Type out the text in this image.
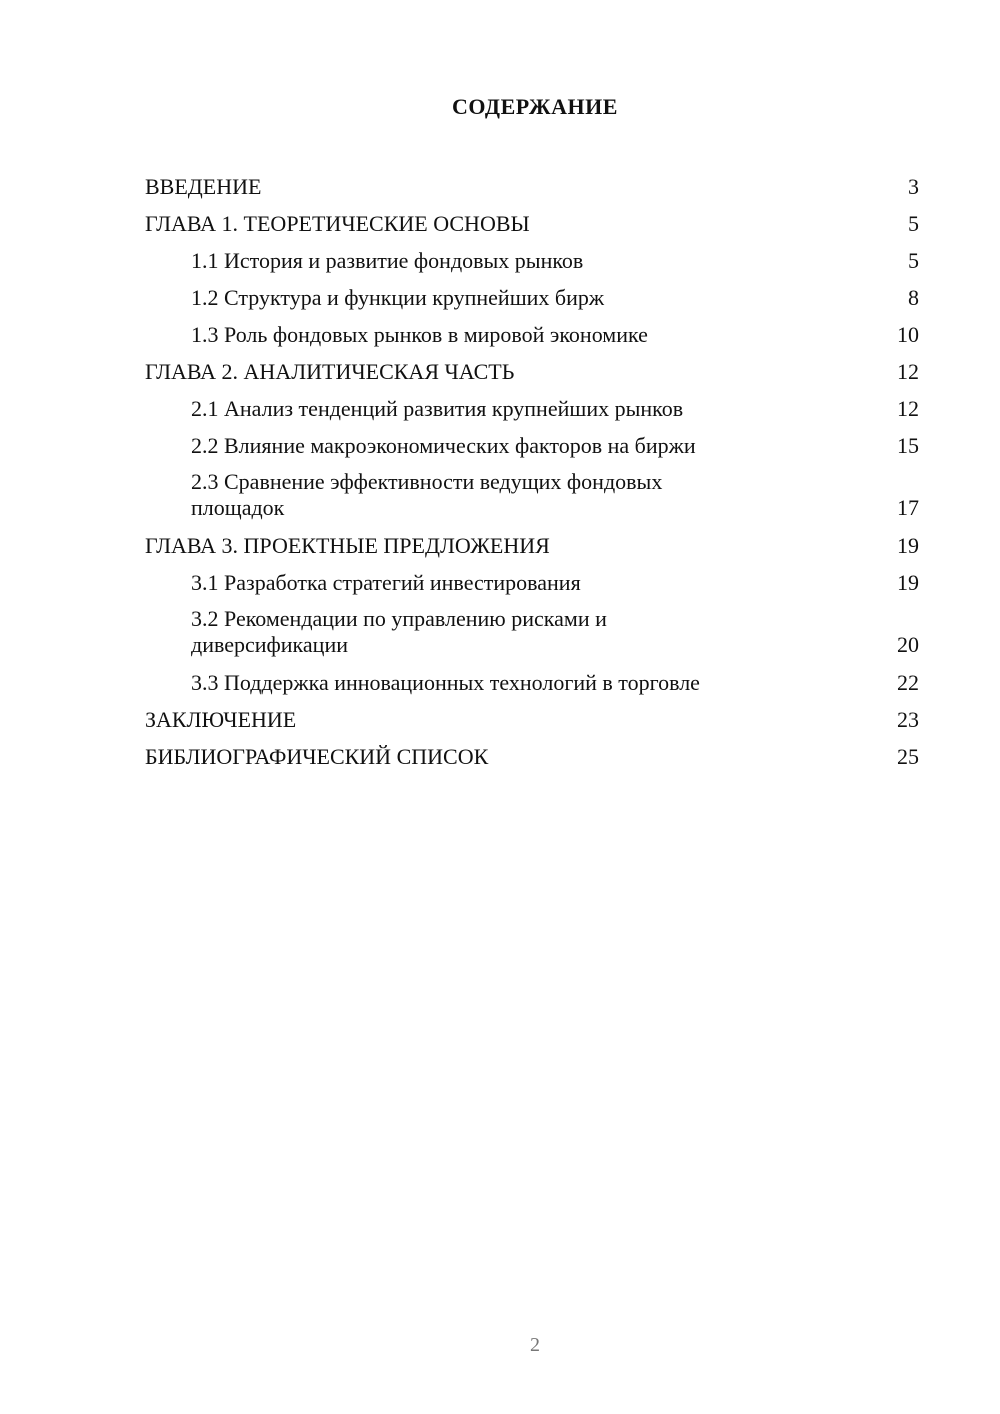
СОДЕРЖАНИЕ
ВВЕДЕНИЕ	3
ГЛАВА 1. ТЕОРЕТИЧЕСКИЕ ОСНОВЫ	5
1.1 История и развитие фондовых рынков	5
1.2 Структура и функции крупнейших бирж	8
1.3 Роль фондовых рынков в мировой экономике	10
ГЛАВА 2. АНАЛИТИЧЕСКАЯ ЧАСТЬ	12
2.1 Анализ тенденций развития крупнейших рынков	12
2.2 Влияние макроэкономических факторов на биржи	15
2.3 Сравнение эффективности ведущих фондовых площадок	17
ГЛАВА 3. ПРОЕКТНЫЕ ПРЕДЛОЖЕНИЯ	19
3.1 Разработка стратегий инвестирования	19
3.2 Рекомендации по управлению рисками и диверсификации	20
3.3 Поддержка инновационных технологий в торговле	22
ЗАКЛЮЧЕНИЕ	23
БИБЛИОГРАФИЧЕСКИЙ СПИСОК	25
2
